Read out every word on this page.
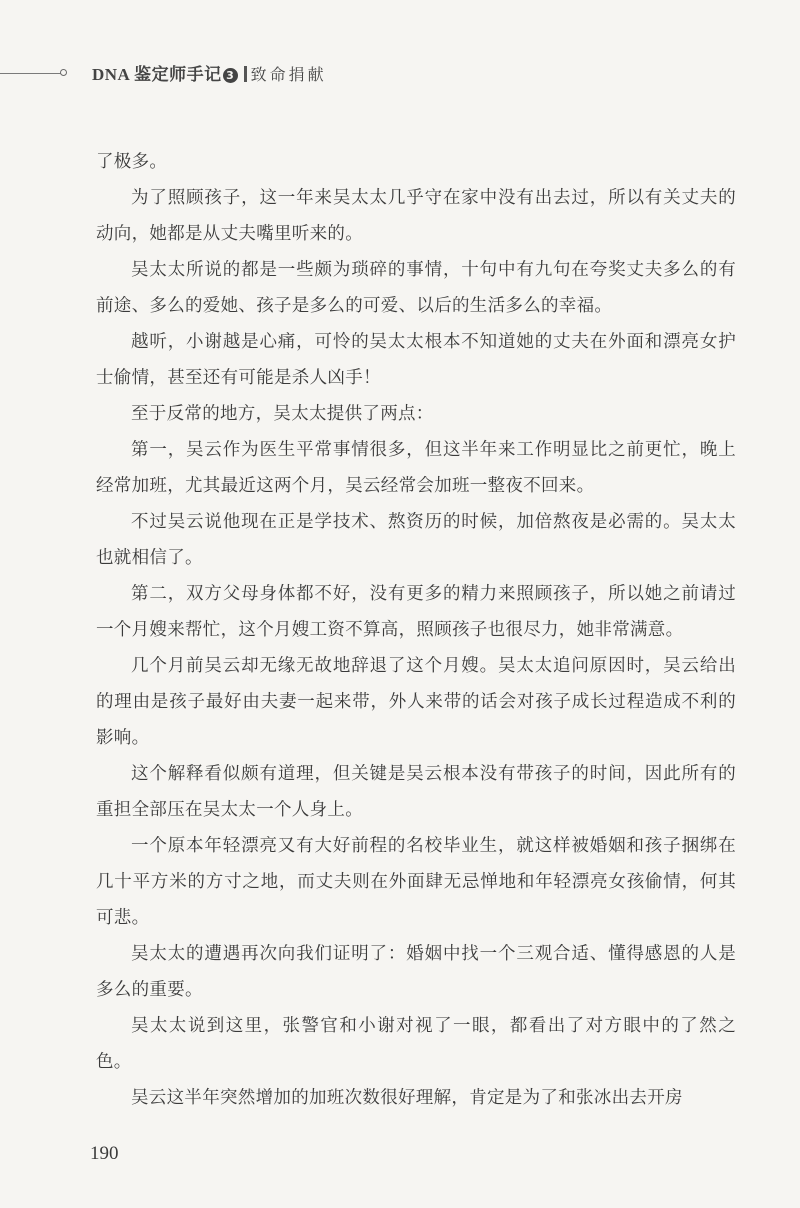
DNA 鉴定师手记 3 致命捐献

了极多。

为了照顾孩子，这一年来吴太太几乎守在家中没有出去过，所以有关丈夫的动向，她都是从丈夫嘴里听来的。

吴太太所说的都是一些颇为琐碎的事情，十句中有九句在夸奖丈夫多么的有前途、多么的爱她、孩子是多么的可爱、以后的生活多么的幸福。

越听，小谢越是心痛，可怜的吴太太根本不知道她的丈夫在外面和漂亮女护士偷情，甚至还有可能是杀人凶手！

至于反常的地方，吴太太提供了两点：

第一，吴云作为医生平常事情很多，但这半年来工作明显比之前更忙，晚上经常加班，尤其最近这两个月，吴云经常会加班一整夜不回来。

不过吴云说他现在正是学技术、熬资历的时候，加倍熬夜是必需的。吴太太也就相信了。

第二，双方父母身体都不好，没有更多的精力来照顾孩子，所以她之前请过一个月嫂来帮忙，这个月嫂工资不算高，照顾孩子也很尽力，她非常满意。

几个月前吴云却无缘无故地辞退了这个月嫂。吴太太追问原因时，吴云给出的理由是孩子最好由夫妻一起来带，外人来带的话会对孩子成长过程造成不利的影响。

这个解释看似颇有道理，但关键是吴云根本没有带孩子的时间，因此所有的重担全部压在吴太太一个人身上。

一个原本年轻漂亮又有大好前程的名校毕业生，就这样被婚姻和孩子捆绑在几十平方米的方寸之地，而丈夫则在外面肆无忌惮地和年轻漂亮女孩偷情，何其可悲。

吴太太的遭遇再次向我们证明了：婚姻中找一个三观合适、懂得感恩的人是多么的重要。

吴太太说到这里，张警官和小谢对视了一眼，都看出了对方眼中的了然之色。

吴云这半年突然增加的加班次数很好理解，肯定是为了和张冰出去开房

190
